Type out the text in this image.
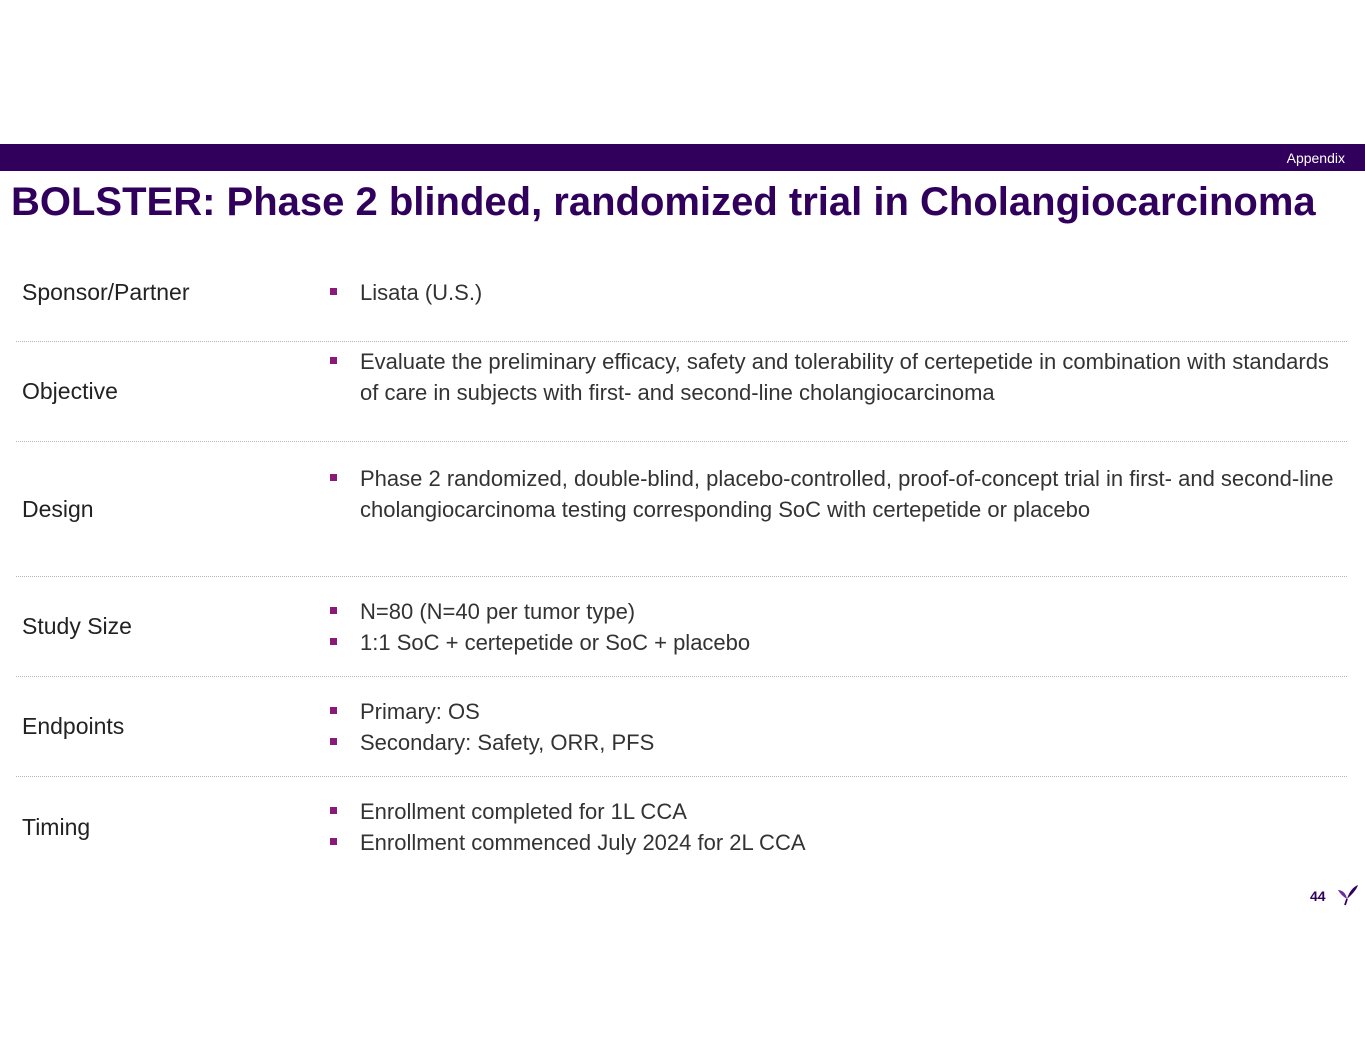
Appendix
BOLSTER: Phase 2 blinded, randomized trial in Cholangiocarcinoma
Sponsor/Partner	Lisata (U.S.)
Objective
Evaluate the preliminary efficacy, safety and tolerability of certepetide in combination with standards of care in subjects with first- and second-line cholangiocarcinoma
Design
Phase 2 randomized, double-blind, placebo-controlled, proof-of-concept trial in first- and second-line cholangiocarcinoma testing corresponding SoC with certepetide or placebo
Study Size
N=80 (N=40 per tumor type)
1:1 SoC + certepetide or SoC + placebo
Endpoints
Primary: OS
Secondary: Safety, ORR, PFS
Timing
Enrollment completed for 1L CCA
Enrollment commenced July 2024 for 2L CCA
44
